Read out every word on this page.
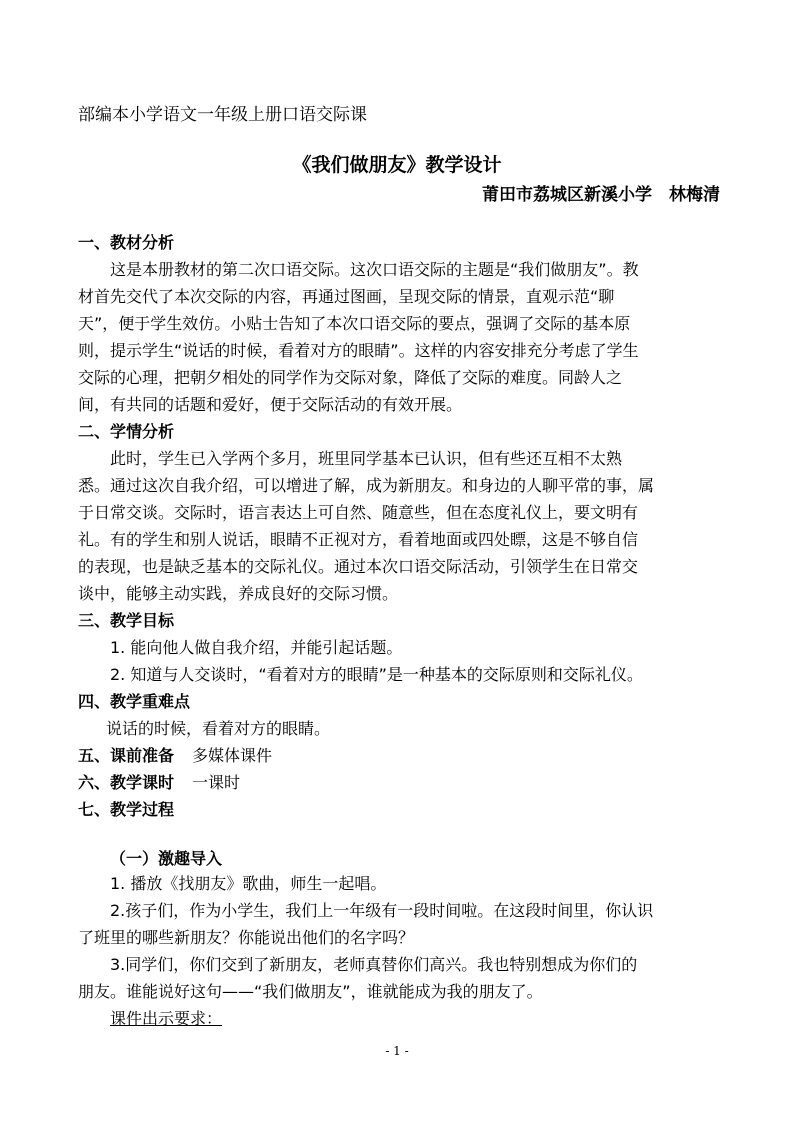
部编本小学语文一年级上册口语交际课
《我们做朋友》教学设计
莆田市荔城区新溪小学　林梅清
一、教材分析
这是本册教材的第二次口语交际。这次口语交际的主题是“我们做朋友”。教
材首先交代了本次交际的内容，再通过图画，呈现交际的情景，直观示范“聊
天”，便于学生效仿。小贴士告知了本次口语交际的要点，强调了交际的基本原
则，提示学生“说话的时候，看着对方的眼睛”。这样的内容安排充分考虑了学生
交际的心理，把朝夕相处的同学作为交际对象，降低了交际的难度。同龄人之
间，有共同的话题和爱好，便于交际活动的有效开展。
二、学情分析
此时，学生已入学两个多月，班里同学基本已认识，但有些还互相不太熟
悉。通过这次自我介绍，可以增进了解，成为新朋友。和身边的人聊平常的事，属
于日常交谈。交际时，语言表达上可自然、随意些，但在态度礼仪上，要文明有
礼。有的学生和别人说话，眼睛不正视对方，看着地面或四处瞟，这是不够自信
的表现，也是缺乏基本的交际礼仪。通过本次口语交际活动，引领学生在日常交
谈中，能够主动实践，养成良好的交际习惯。
三、教学目标
1. 能向他人做自我介绍，并能引起话题。
2. 知道与人交谈时，“看着对方的眼睛”是一种基本的交际原则和交际礼仪。
四、教学重难点
说话的时候，看着对方的眼睛。
五、课前准备 多媒体课件
六、教学课时 一课时
七、教学过程
（一）激趣导入
1. 播放《找朋友》歌曲，师生一起唱。
2.孩子们，作为小学生，我们上一年级有一段时间啦。在这段时间里，你认识
了班里的哪些新朋友？你能说出他们的名字吗？
3.同学们，你们交到了新朋友，老师真替你们高兴。我也特别想成为你们的
朋友。谁能说好这句——“我们做朋友”，谁就能成为我的朋友了。
课件出示要求：
- 1 -
